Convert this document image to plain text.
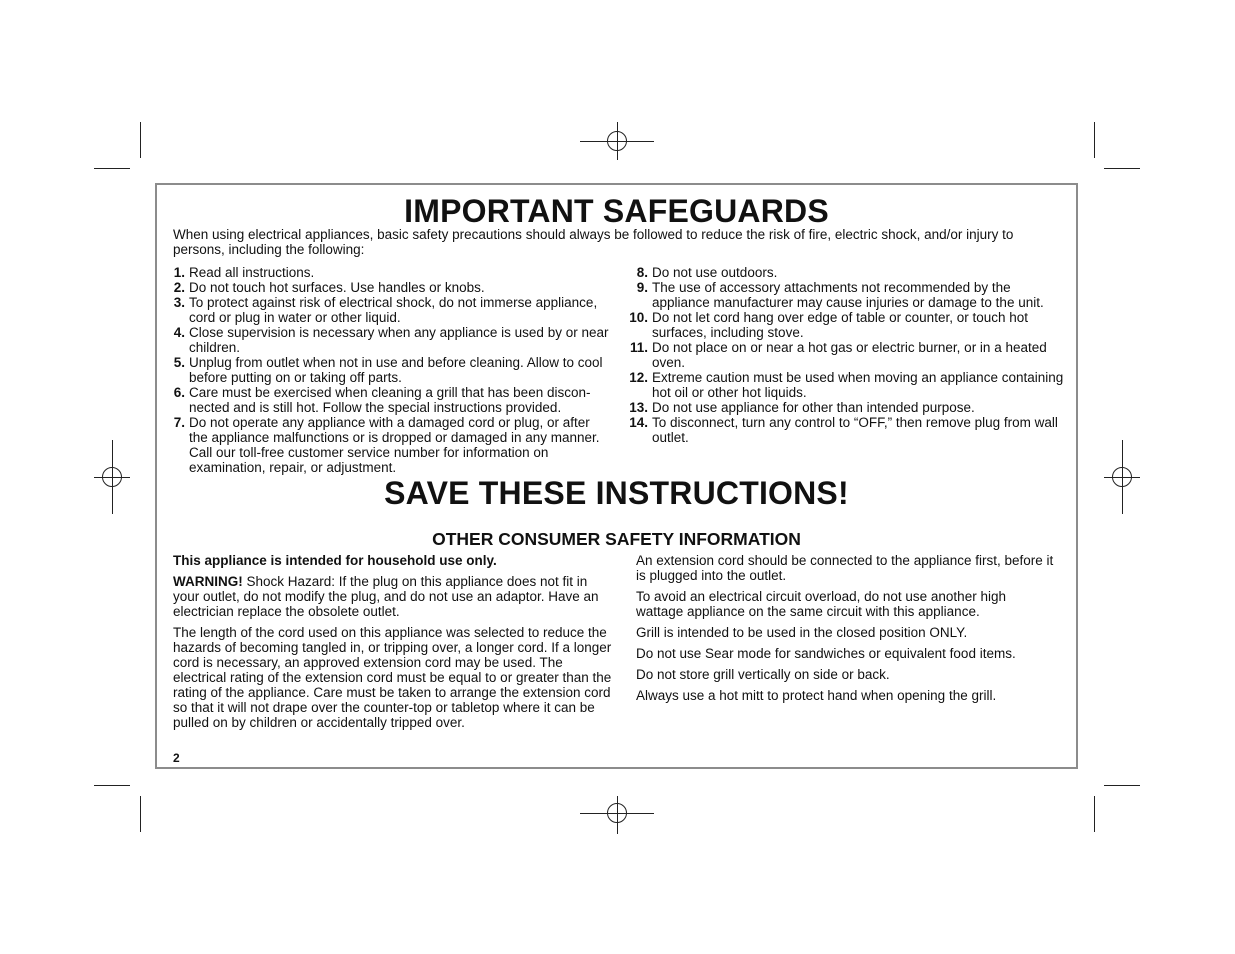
IMPORTANT SAFEGUARDS

When using electrical appliances, basic safety precautions should always be followed to reduce the risk of fire, electric shock, and/or injury to persons, including the following:

1. Read all instructions.
2. Do not touch hot surfaces. Use handles or knobs.
3. To protect against risk of electrical shock, do not immerse appliance, cord or plug in water or other liquid.
4. Close supervision is necessary when any appliance is used by or near children.
5. Unplug from outlet when not in use and before cleaning. Allow to cool before putting on or taking off parts.
6. Care must be exercised when cleaning a grill that has been discon-nected and is still hot. Follow the special instructions provided.
7. Do not operate any appliance with a damaged cord or plug, or after the appliance malfunctions or is dropped or damaged in any manner. Call our toll-free customer service number for information on examination, repair, or adjustment.
8. Do not use outdoors.
9. The use of accessory attachments not recommended by the appliance manufacturer may cause injuries or damage to the unit.
10. Do not let cord hang over edge of table or counter, or touch hot surfaces, including stove.
11. Do not place on or near a hot gas or electric burner, or in a heated oven.
12. Extreme caution must be used when moving an appliance containing hot oil or other hot liquids.
13. Do not use appliance for other than intended purpose.
14. To disconnect, turn any control to “OFF,” then remove plug from wall outlet.
SAVE THESE INSTRUCTIONS!
OTHER CONSUMER SAFETY INFORMATION

This appliance is intended for household use only.

WARNING! Shock Hazard: If the plug on this appliance does not fit in your outlet, do not modify the plug, and do not use an adaptor. Have an electrician replace the obsolete outlet.

The length of the cord used on this appliance was selected to reduce the hazards of becoming tangled in, or tripping over, a longer cord. If a longer cord is necessary, an approved extension cord may be used. The electrical rating of the extension cord must be equal to or greater than the rating of the appliance. Care must be taken to arrange the extension cord so that it will not drape over the counter-top or tabletop where it can be pulled on by children or accidentally tripped over.

An extension cord should be connected to the appliance first, before it is plugged into the outlet.

To avoid an electrical circuit overload, do not use another high wattage appliance on the same circuit with this appliance.

Grill is intended to be used in the closed position ONLY.

Do not use Sear mode for sandwiches or equivalent food items.

Do not store grill vertically on side or back.

Always use a hot mitt to protect hand when opening the grill.

2
